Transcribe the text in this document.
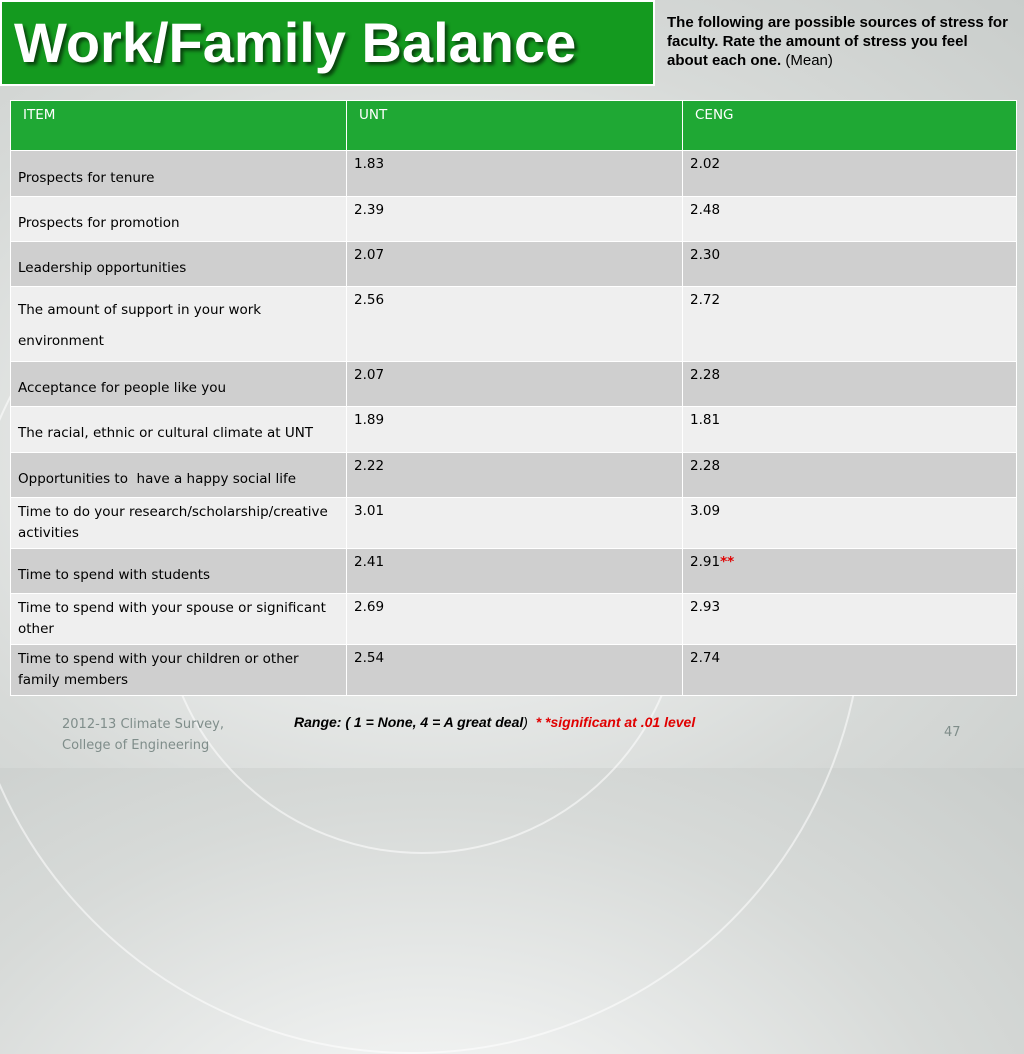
Work/Family Balance	The following are possible sources of stress for faculty. Rate the amount of stress you feel about each one. (Mean)
ITEM	UNT	CENG

Prospects for tenure	1.83	2.02

Prospects for promotion	2.39	2.48

Leadership opportunities	2.07	2.30

The amount of support in your work environment	2.56	2.72

Acceptance for people like you	2.07	2.28

The racial, ethnic or cultural climate at UNT	1.89	1.81

Opportunities to  have a happy social life	2.22	2.28

Time to do your research/scholarship/creative activities	3.01	3.09

Time to spend with students	2.41	2.91**

Time to spend with your spouse or significant other	2.69	2.93

Time to spend with your children or other family members	2.54	2.74
2012-13 Climate Survey,
College of Engineering
Range: ( 1 = None, 4 = A great deal) * *significant at .01 level
47
